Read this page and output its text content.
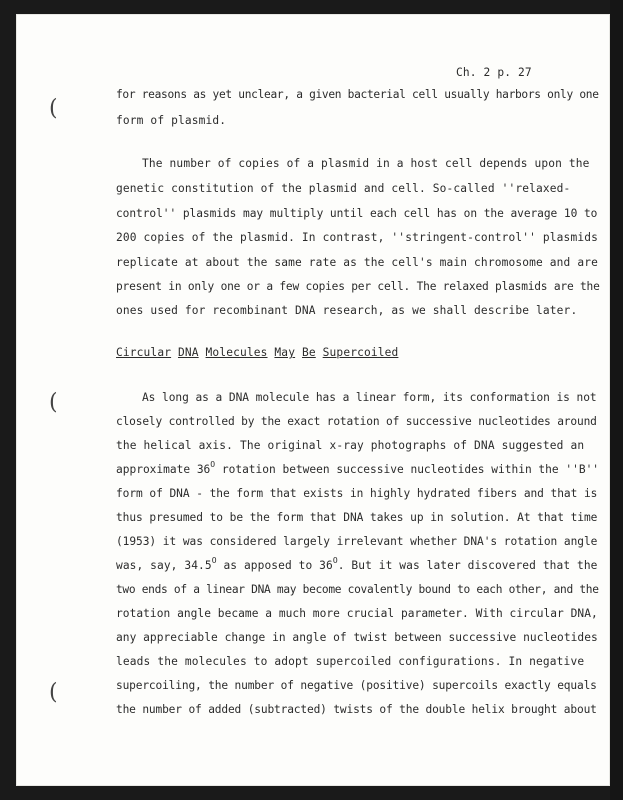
(
(
(
Ch. 2 p. 27
for reasons as yet unclear, a given bacterial cell usually harbors only one
form of plasmid.
The number of copies of a plasmid in a host cell depends upon the
genetic constitution of the plasmid and cell. So-called ''relaxed-
control'' plasmids may multiply until each cell has on the average 10 to
200 copies of the plasmid. In contrast, ''stringent-control'' plasmids
replicate at about the same rate as the cell's main chromosome and are
present in only one or a few copies per cell. The relaxed plasmids are the
ones used for recombinant DNA research, as we shall describe later.
Circular DNA Molecules May Be Supercoiled
As long as a DNA molecule has a linear form, its conformation is not
closely controlled by the exact rotation of successive nucleotides around
the helical axis. The original x-ray photographs of DNA suggested an
approximate $36^O$ rotation between successive nucleotides within the ''B''
form of DNA - the form that exists in highly hydrated fibers and that is
thus presumed to be the form that DNA takes up in solution. At that time
(1953) it was considered largely irrelevant whether DNA's rotation angle
was, say, $34.5^O$ as apposed to $36^O$. But it was later discovered that the
two ends of a linear DNA may become covalently bound to each other, and the
rotation angle became a much more crucial parameter. With circular DNA,
any appreciable change in angle of twist between successive nucleotides
leads the molecules to adopt supercoiled configurations. In negative
supercoiling, the number of negative (positive) supercoils exactly equals
the number of added (subtracted) twists of the double helix brought about
